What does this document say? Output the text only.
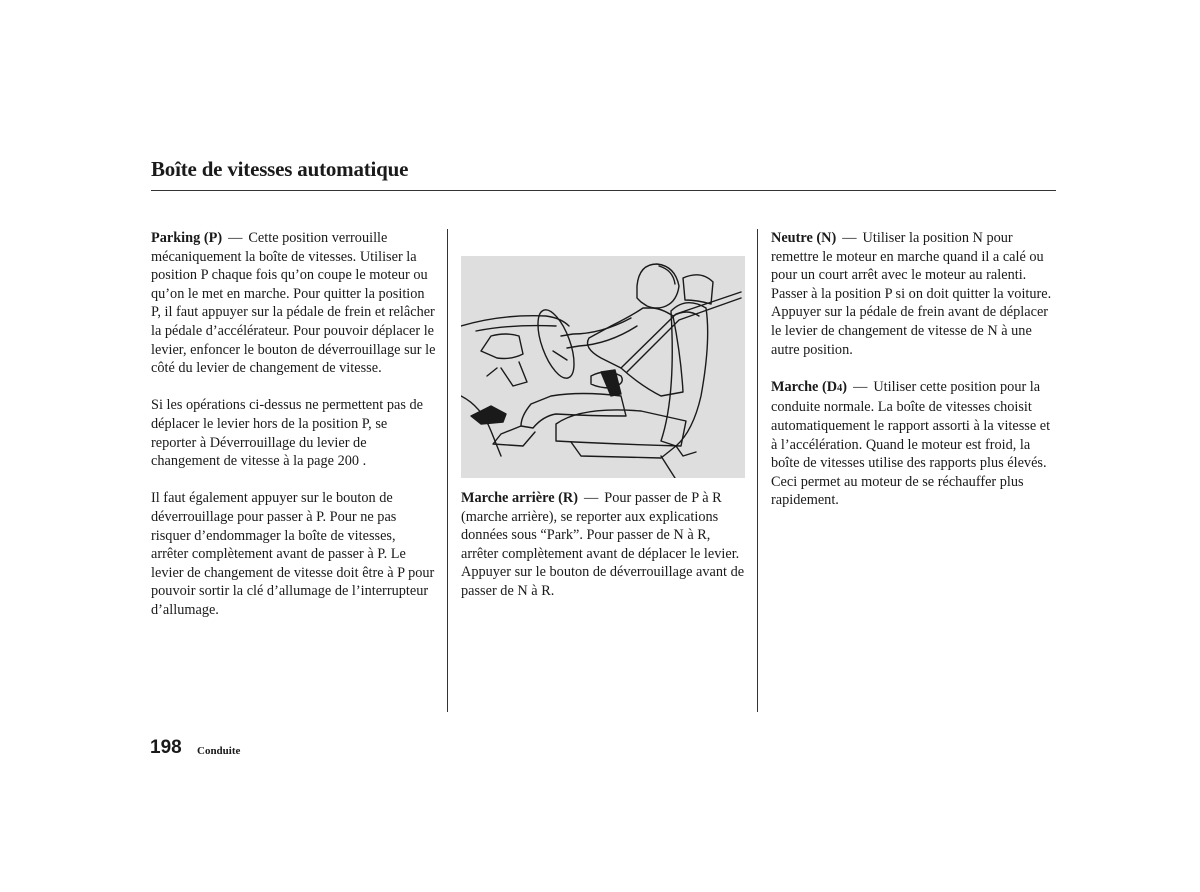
Boîte de vitesses automatique

Parking (P) — Cette position verrouille mécaniquement la boîte de vitesses. Utiliser la position P chaque fois qu’on coupe le moteur ou qu’on le met en marche. Pour quitter la position P, il faut appuyer sur la pédale de frein et relâcher la pédale d’accélérateur. Pour pouvoir déplacer le levier, enfoncer le bouton de déverrouillage sur le côté du levier de changement de vitesse.

Si les opérations ci-dessus ne permettent pas de déplacer le levier hors de la position P, se reporter à Déverrouillage du levier de changement de vitesse à la page 200 .

Il faut également appuyer sur le bouton de déverrouillage pour passer à P. Pour ne pas risquer d’endommager la boîte de vitesses, arrêter complètement avant de passer à P. Le levier de changement de vitesse doit être à P pour pouvoir sortir la clé d’allumage de l’interrupteur d’allumage.

Marche arrière (R) — Pour passer de P à R (marche arrière), se reporter aux explications données sous “Park”. Pour passer de N à R, arrêter complètement avant de déplacer le levier. Appuyer sur le bouton de déverrouillage avant de passer de N à R.

Neutre (N) — Utiliser la position N pour remettre le moteur en marche quand il a calé ou pour un court arrêt avec le moteur au ralenti. Passer à la position P si on doit quitter la voiture. Appuyer sur la pédale de frein avant de déplacer le levier de changement de vitesse de N à une autre position.

Marche (D4) — Utiliser cette position pour la conduite normale. La boîte de vitesses choisit automatiquement le rapport assorti à la vitesse et à l’accélération. Quand le moteur est froid, la boîte de vitesses utilise des rapports plus élevés. Ceci permet au moteur de se réchauffer plus rapidement.

198 Conduite
